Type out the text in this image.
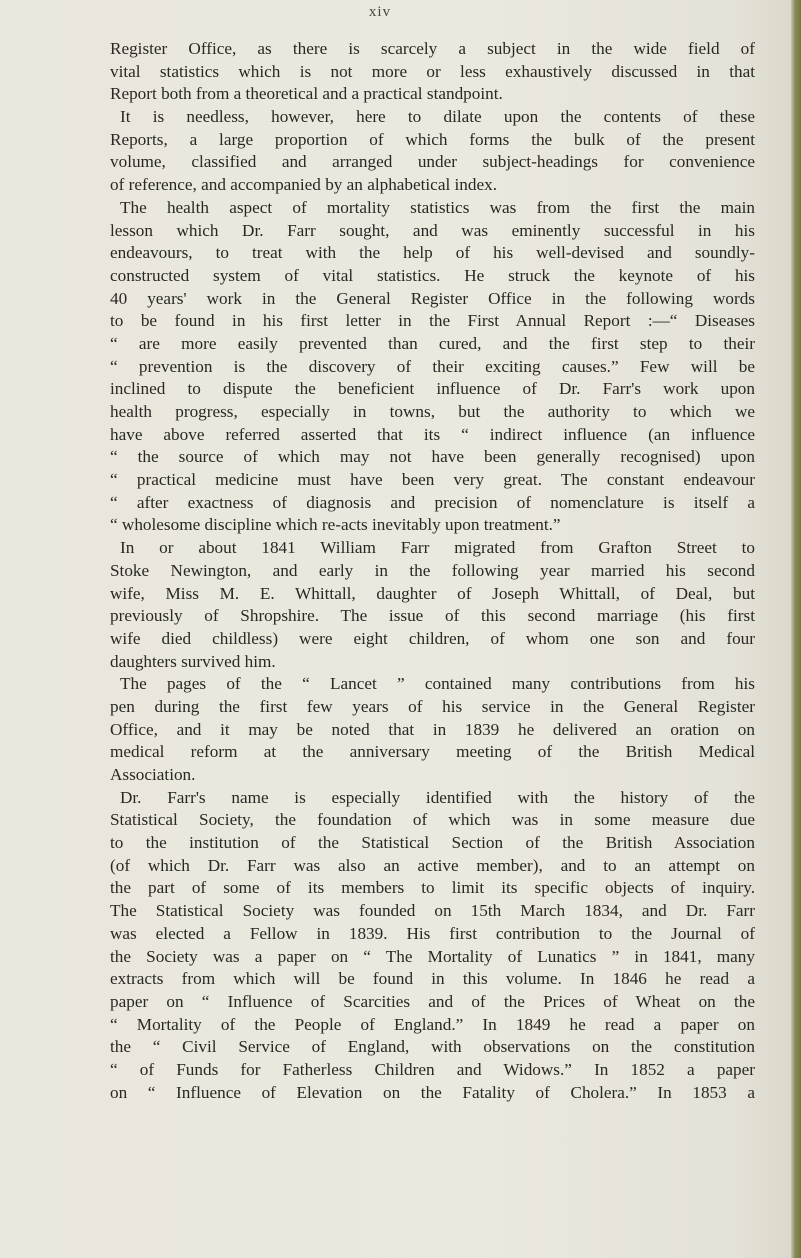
xiv
Register Office, as there is scarcely a subject in the wide field of
vital statistics which is not more or less exhaustively discussed in that
Report both from a theoretical and a practical standpoint.
It is needless, however, here to dilate upon the contents of these
Reports, a large proportion of which forms the bulk of the present
volume, classified and arranged under subject-headings for convenience
of reference, and accompanied by an alphabetical index.
The health aspect of mortality statistics was from the first the main
lesson which Dr. Farr sought, and was eminently successful in his
endeavours, to treat with the help of his well-devised and soundly-
constructed system of vital statistics. He struck the keynote of his
40 years' work in the General Register Office in the following words
to be found in his first letter in the First Annual Report :—“ Diseases
“ are more easily prevented than cured, and the first step to their
“ prevention is the discovery of their exciting causes.” Few will be
inclined to dispute the beneficient influence of Dr. Farr's work upon
health progress, especially in towns, but the authority to which we
have above referred asserted that its “ indirect influence (an influence
“ the source of which may not have been generally recognised) upon
“ practical medicine must have been very great. The constant endeavour
“ after exactness of diagnosis and precision of nomenclature is itself a
“ wholesome discipline which re-acts inevitably upon treatment.”
In or about 1841 William Farr migrated from Grafton Street to
Stoke Newington, and early in the following year married his second
wife, Miss M. E. Whittall, daughter of Joseph Whittall, of Deal, but
previously of Shropshire. The issue of this second marriage (his first
wife died childless) were eight children, of whom one son and four
daughters survived him.
The pages of the “ Lancet ” contained many contributions from his
pen during the first few years of his service in the General Register
Office, and it may be noted that in 1839 he delivered an oration on
medical reform at the anniversary meeting of the British Medical
Association.
Dr. Farr's name is especially identified with the history of the
Statistical Society, the foundation of which was in some measure due
to the institution of the Statistical Section of the British Association
(of which Dr. Farr was also an active member), and to an attempt on
the part of some of its members to limit its specific objects of inquiry.
The Statistical Society was founded on 15th March 1834, and Dr. Farr
was elected a Fellow in 1839. His first contribution to the Journal of
the Society was a paper on “ The Mortality of Lunatics ” in 1841, many
extracts from which will be found in this volume. In 1846 he read a
paper on “ Influence of Scarcities and of the Prices of Wheat on the
“ Mortality of the People of England.” In 1849 he read a paper on
the “ Civil Service of England, with observations on the constitution
“ of Funds for Fatherless Children and Widows.” In 1852 a paper
on “ Influence of Elevation on the Fatality of Cholera.” In 1853 a
